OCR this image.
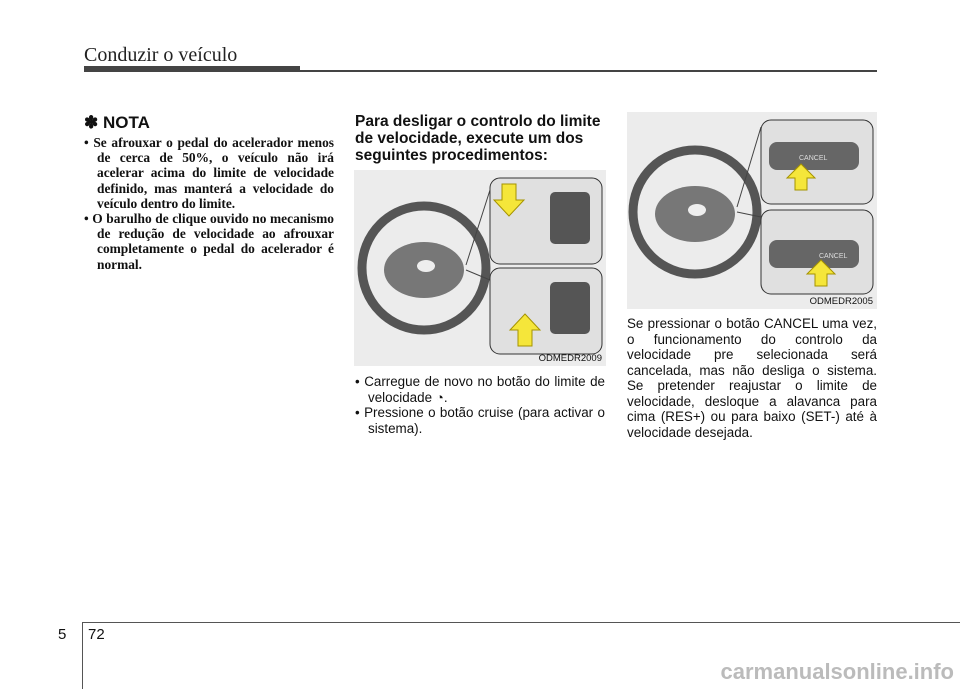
Conduzir o veículo
✽ NOTA
• Se afrouxar o pedal do acelerador menos de cerca de 50%, o veículo não irá acelerar acima do limite de velocidade definido, mas manterá a velocidade do veículo dentro do limite.
• O barulho de clique ouvido no mecanismo de redução de velocidade ao afrouxar completamente o pedal do acelerador é normal.
Para desligar o controlo do limite de velocidade, execute um dos seguintes procedimentos:
ODMEDR2009
• Carregue de novo no botão do limite de velocidade ◔.
• Pressione o botão cruise (para activar o sistema).
CANCEL
CANCEL
ODMEDR2005
Se pressionar o botão CANCEL uma vez, o funcionamento do controlo da velocidade pre selecionada será cancelada, mas não desliga o sistema. Se pretender reajustar o limite de velocidade, desloque a alavanca para cima (RES+) ou para baixo (SET-) até à velocidade desejada.
5 72
carmanualsonline.info
